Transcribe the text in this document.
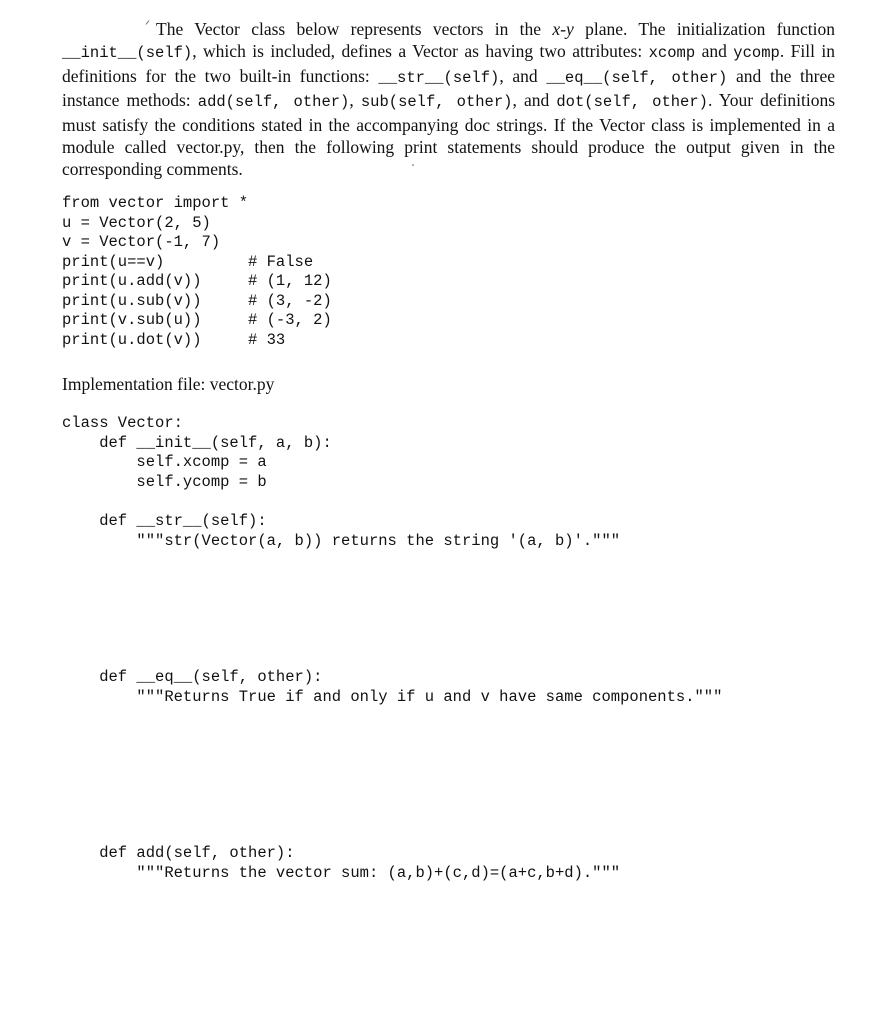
The Vector class below represents vectors in the x-y plane. The initialization function __init__(self), which is included, defines a Vector as having two attributes: xcomp and ycomp. Fill in definitions for the two built-in functions: __str__(self), and __eq__(self, other) and the three instance methods: add(self, other), sub(self, other), and dot(self, other). Your definitions must satisfy the conditions stated in the accompanying doc strings. If the Vector class is implemented in a module called vector.py, then the following print statements should produce the output given in the corresponding comments.

from vector import *
u = Vector(2, 5)
v = Vector(-1, 7)
print(u==v)         # False
print(u.add(v))     # (1, 12)
print(u.sub(v))     # (3, -2)
print(v.sub(u))     # (-3, 2)
print(u.dot(v))     # 33
Implementation file: vector.py
class Vector:
def __init__(self, a, b):
self.xcomp = a
self.ycomp = b
def __str__(self):
"""str(Vector(a, b)) returns the string '(a, b)'."""
def __eq__(self, other):
"""Returns True if and only if u and v have same components."""
def add(self, other):
"""Returns the vector sum: (a,b)+(c,d)=(a+c,b+d)."""
